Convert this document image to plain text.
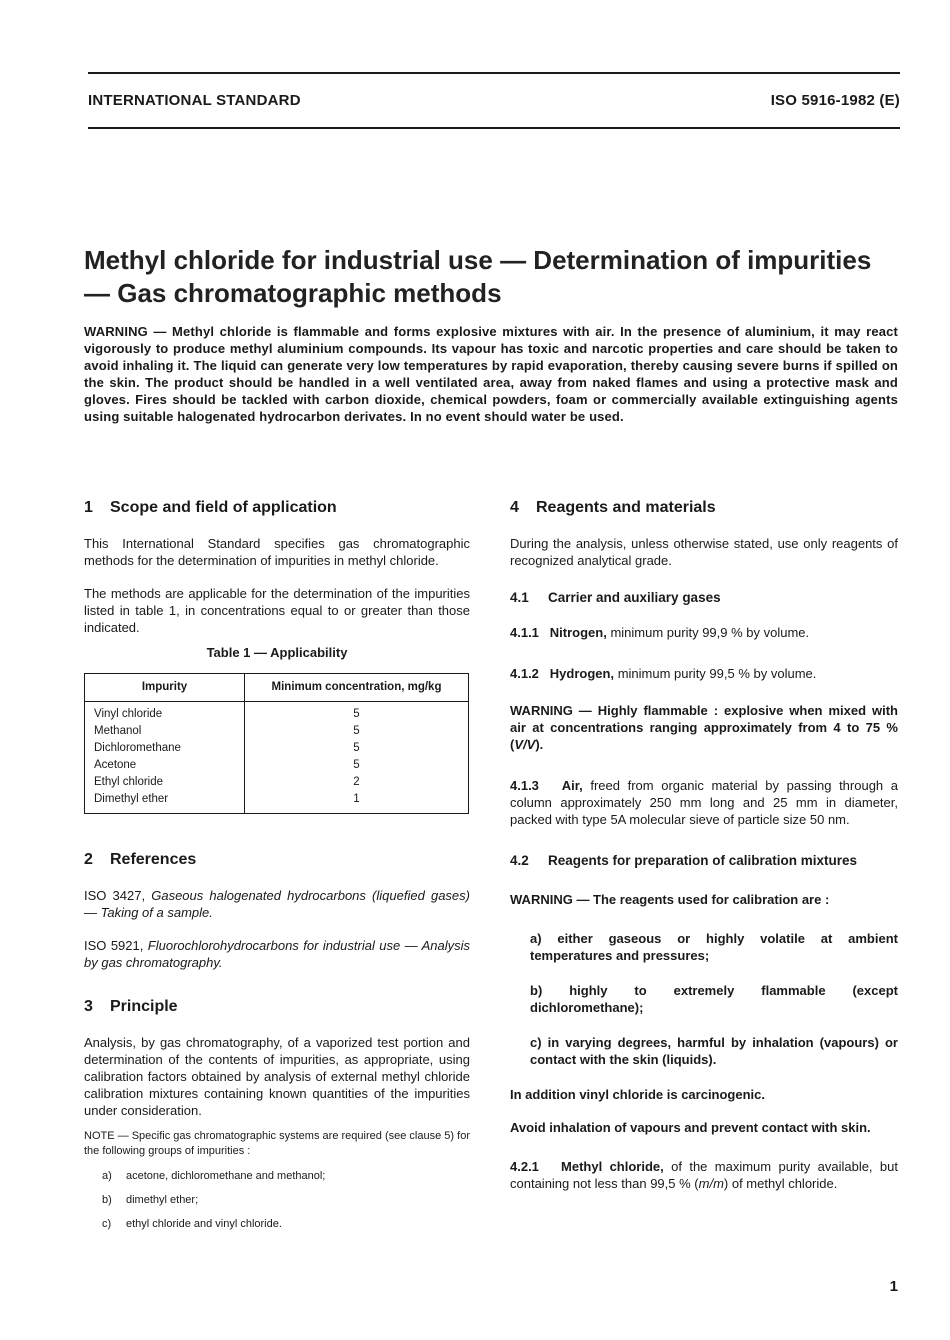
INTERNATIONAL STANDARD	ISO 5916-1982 (E)
Methyl chloride for industrial use — Determination of impurities — Gas chromatographic methods
WARNING — Methyl chloride is flammable and forms explosive mixtures with air. In the presence of aluminium, it may react vigorously to produce methyl aluminium compounds. Its vapour has toxic and narcotic properties and care should be taken to avoid inhaling it. The liquid can generate very low temperatures by rapid evaporation, thereby causing severe burns if spilled on the skin. The product should be handled in a well ventilated area, away from naked flames and using a protective mask and gloves. Fires should be tackled with carbon dioxide, chemical powders, foam or commercially available extinguishing agents using suitable halogenated hydrocarbon derivates. In no event should water be used.
1 Scope and field of application

This International Standard specifies gas chromatographic methods for the determination of impurities in methyl chloride.

The methods are applicable for the determination of the impurities listed in table 1, in concentrations equal to or greater than those indicated.

Table 1 — Applicability
Impurity	Minimum concentration, mg/kg
Vinyl chloride	5
Methanol	5
Dichloromethane	5
Acetone	5
Ethyl chloride	2
Dimethyl ether	1
2 References

ISO 3427, Gaseous halogenated hydrocarbons (liquefied gases) — Taking of a sample.

ISO 5921, Fluorochlorohydrocarbons for industrial use — Analysis by gas chromatography.

3 Principle

Analysis, by gas chromatography, of a vaporized test portion and determination of the contents of impurities, as appropriate, using calibration factors obtained by analysis of external methyl chloride calibration mixtures containing known quantities of the impurities under consideration.

NOTE — Specific gas chromatographic systems are required (see clause 5) for the following groups of impurities :
a) acetone, dichloromethane and methanol;
b) dimethyl ether;
c) ethyl chloride and vinyl chloride.
4 Reagents and materials

During the analysis, unless otherwise stated, use only reagents of recognized analytical grade.

4.1 Carrier and auxiliary gases

4.1.1 Nitrogen, minimum purity 99,9 % by volume.

4.1.2 Hydrogen, minimum purity 99,5 % by volume.

WARNING — Highly flammable : explosive when mixed with air at concentrations ranging approximately from 4 to 75 % (V/V).

4.1.3 Air, freed from organic material by passing through a column approximately 250 mm long and 25 mm in diameter, packed with type 5A molecular sieve of particle size 50 nm.

4.2 Reagents for preparation of calibration mixtures

WARNING — The reagents used for calibration are :

a) either gaseous or highly volatile at ambient temperatures and pressures;
b) highly to extremely flammable (except dichloromethane);
c) in varying degrees, harmful by inhalation (vapours) or contact with the skin (liquids).

In addition vinyl chloride is carcinogenic.

Avoid inhalation of vapours and prevent contact with skin.

4.2.1 Methyl chloride, of the maximum purity available, but containing not less than 99,5 % (m/m) of methyl chloride.

1
